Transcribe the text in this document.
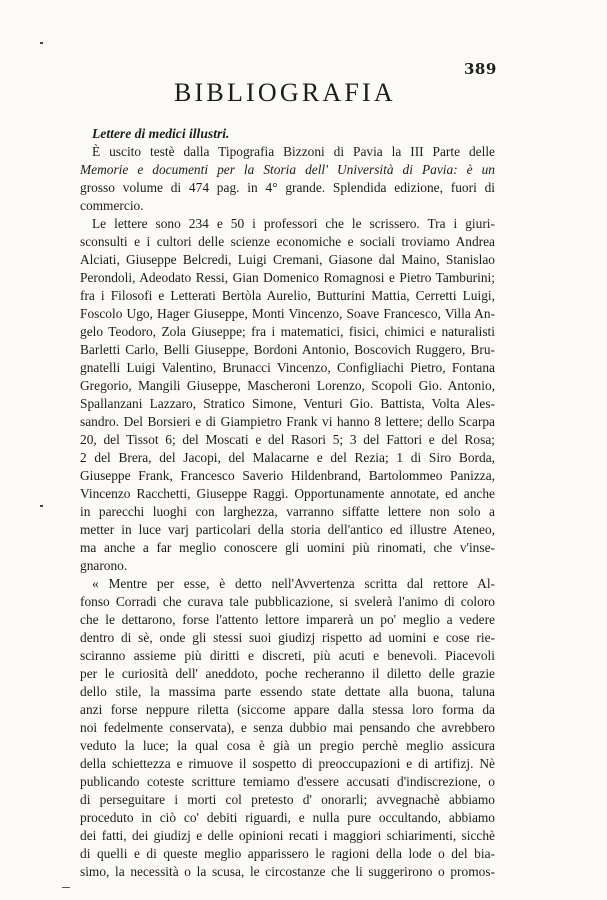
389
BIBLIOGRAFIA
Lettere di medici illustri.
È uscito testè dalla Tipografia Bizzoni di Pavia la III Parte delle
Memorie e documenti per la Storia dell' Università di Pavia: è un
grosso volume di 474 pag. in 4° grande. Splendida edizione, fuori di
commercio.
Le lettere sono 234 e 50 i professori che le scrissero. Tra i giuri-
sconsulti e i cultori delle scienze economiche e sociali troviamo Andrea
Alciati, Giuseppe Belcredi, Luigi Cremani, Giasone dal Maino, Stanislao
Perondoli, Adeodato Ressi, Gian Domenico Romagnosi e Pietro Tamburini;
fra i Filosofi e Letterati Bertòla Aurelio, Butturini Mattia, Cerretti Luigi,
Foscolo Ugo, Hager Giuseppe, Monti Vincenzo, Soave Francesco, Villa An-
gelo Teodoro, Zola Giuseppe; fra i matematici, fisici, chimici e naturalisti
Barletti Carlo, Belli Giuseppe, Bordoni Antonio, Boscovich Ruggero, Bru-
gnatelli Luigi Valentino, Brunacci Vincenzo, Configliachi Pietro, Fontana
Gregorio, Mangili Giuseppe, Mascheroni Lorenzo, Scopoli Gio. Antonio,
Spallanzani Lazzaro, Stratico Simone, Venturi Gio. Battista, Volta Ales-
sandro. Del Borsieri e di Giampietro Frank vi hanno 8 lettere; dello Scarpa
20, del Tissot 6; del Moscati e del Rasori 5; 3 del Fattori e del Rosa;
2 del Brera, del Jacopi, del Malacarne e del Rezia; 1 di Siro Borda,
Giuseppe Frank, Francesco Saverio Hildenbrand, Bartolommeo Panizza,
Vincenzo Racchetti, Giuseppe Raggi. Opportunamente annotate, ed anche
in parecchi luoghi con larghezza, varranno siffatte lettere non solo a
metter in luce varj particolari della storia dell'antico ed illustre Ateneo,
ma anche a far meglio conoscere gli uomini più rinomati, che v'inse-
gnarono.
« Mentre per esse, è detto nell'Avvertenza scritta dal rettore Al-
fonso Corradi che curava tale pubblicazione, si svelerà l'animo di coloro
che le dettarono, forse l'attento lettore imparerà un po' meglio a vedere
dentro di sè, onde gli stessi suoi giudizj rispetto ad uomini e cose rie-
sciranno assieme più diritti e discreti, più acuti e benevoli. Piacevoli
per le curiosità dell' aneddoto, poche recheranno il diletto delle grazie
dello stile, la massima parte essendo state dettate alla buona, taluna
anzi forse neppure riletta (siccome appare dalla stessa loro forma da
noi fedelmente conservata), e senza dubbio mai pensando che avrebbero
veduto la luce; la qual cosa è già un pregio perchè meglio assicura
della schiettezza e rimuove il sospetto di preoccupazioni e di artifizj. Nè
publicando coteste scritture temiamo d'essere accusati d'indiscrezione, o
di perseguitare i morti col pretesto d' onorarli; avvegnachè abbiamo
proceduto in ciò co' debiti riguardi, e nulla pure occultando, abbiamo
dei fatti, dei giudizj e delle opinioni recati i maggiori schiarimenti, sicchè
di quelli e di queste meglio apparissero le ragioni della lode o del bia-
simo, la necessità o la scusa, le circostanze che li suggerirono o promos-
